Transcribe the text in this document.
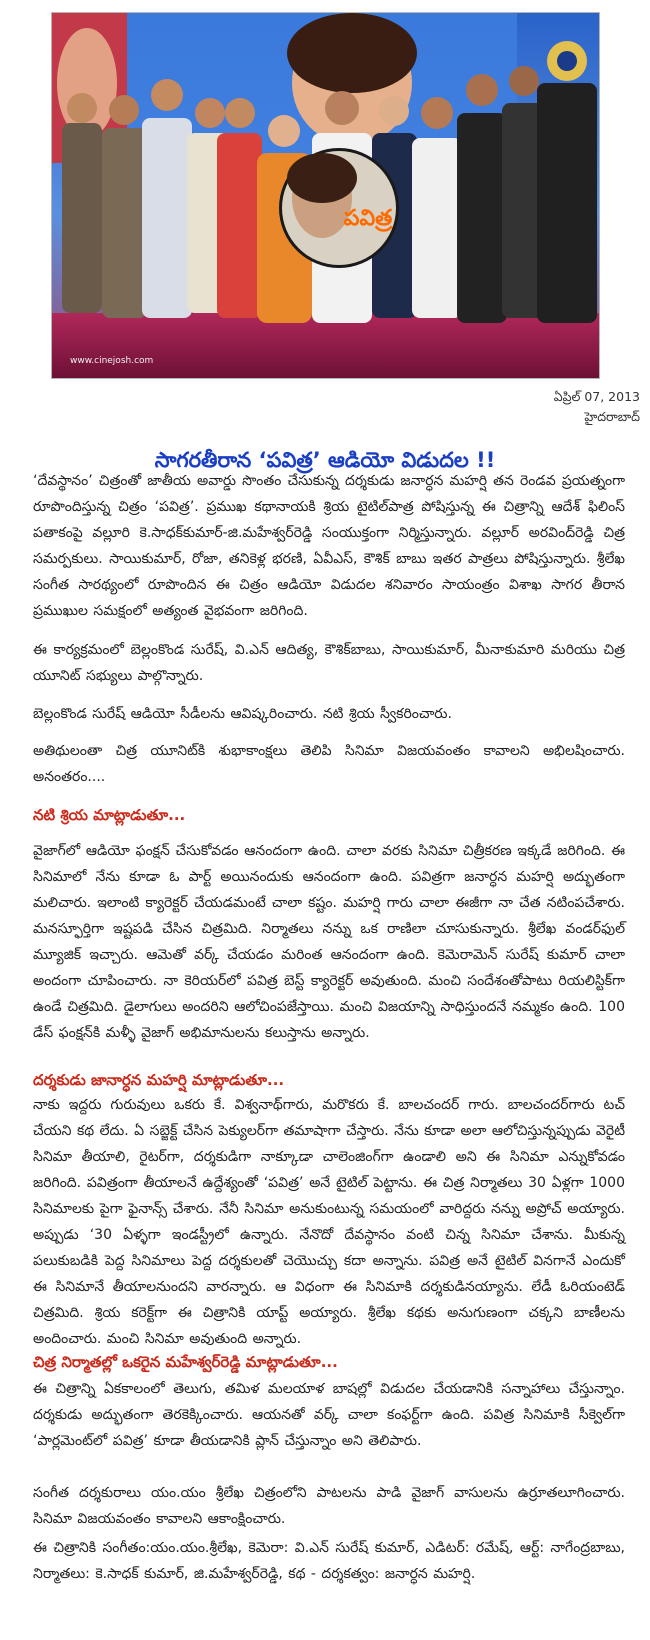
పవిత్ర
www.cinejosh.com
ఏప్రిల్ 07, 2013
హైదరాబాద్
సాగరతీరాన ‘పవిత్ర’ ఆడియో విడుదల !!

‘దేవస్థానం’ చిత్రంతో జాతీయ అవార్డు సొంతం చేసుకున్న దర్శకుడు జనార్ధన మహర్షి తన రెండవ ప్రయత్నంగా రూపొందిస్తున్న చిత్రం ‘పవిత్ర’. ప్రముఖ కథానాయకి శ్రియ టైటిల్‌పాత్ర పోషిస్తున్న ఈ చిత్రాన్ని ఆదేశ్ ఫిలింస్ పతాకంపై వల్లూరి కె.సాధక్‌కుమార్-జి.మహేశ్వర్‌రెడ్డి సంయుక్తంగా నిర్మిస్తున్నారు. వల్లూర్ అరవింద్‌రెడ్డి చిత్ర సమర్పకులు. సాయికుమార్, రోజా, తనికెళ్ల భరణి, ఏవీఎస్, కౌశిక్ బాబు ఇతర పాత్రలు పోషిస్తున్నారు. శ్రీలేఖ సంగీత సారథ్యంలో రూపొందిన ఈ చిత్రం ఆడియో విడుదల శనివారం సాయంత్రం విశాఖ సాగర తీరాన ప్రముఖుల సమక్షంలో అత్యంత వైభవంగా జరిగింది.

ఈ కార్యక్రమంలో బెల్లంకొండ సురేష్, వి.ఎన్ ఆదిత్య, కౌశిక్‌బాబు, సాయికుమార్, మీనాకుమారి మరియు చిత్ర యూనిట్ సభ్యులు పాల్గొన్నారు.

బెల్లంకొండ సురేష్ ఆడియో సీడీలను ఆవిష్కరించారు. నటి శ్రియ స్వీకరించారు.

అతిథులంతా చిత్ర యూనిట్‌కి శుభాకాంక్షలు తెలిపి సినిమా విజయవంతం కావాలని అభిలషించారు. అనంతరం....

నటి శ్రియ మాట్లాడుతూ...

వైజాగ్‌లో ఆడియో ఫంక్షన్ చేసుకోవడం ఆనందంగా ఉంది. చాలా వరకు సినిమా చిత్రీకరణ ఇక్కడే జరిగింది. ఈ సినిమాలో నేను కూడా ఓ పార్ట్ అయినందుకు ఆనందంగా ఉంది. పవిత్రగా జనార్ధన మహర్షి అద్భుతంగా మలిచారు. ఇలాంటి క్యారెక్టర్ చేయడమంటే చాలా కష్టం. మహర్షి గారు చాలా ఈజీగా నా చేత నటింపచేశారు. మనస్ఫూర్తిగా ఇష్టపడి చేసిన చిత్రమిది. నిర్మాతలు నన్ను ఒక రాణిలా చూసుకున్నారు. శ్రీలేఖ వండర్‌ఫుల్ మ్యూజిక్ ఇచ్చారు. ఆమెతో వర్క్ చేయడం మరింత ఆనందంగా ఉంది. కెమెరామెన్ సురేష్ కుమార్ చాలా అందంగా చూపించారు. నా కెరియర్‌లో పవిత్ర బెస్ట్ క్యారెక్టర్ అవుతుంది. మంచి సందేశంతోపాటు రియలిస్టిక్‌గా ఉండే చిత్రమిది. డైలాగులు అందరిని ఆలోచింపజేస్తాయి. మంచి విజయాన్ని సాధిస్తుందనే నమ్మకం ఉంది. 100 డేస్ ఫంక్షన్‌కి మళ్ళీ వైజాగ్ అభిమానులను కలుస్తాను అన్నారు.

దర్శకుడు జానార్ధన మహర్షి మాట్లాడుతూ...

నాకు ఇద్దరు గురువులు ఒకరు కే. విశ్వనాథ్‌గారు, మరొకరు కే. బాలచందర్ గారు. బాలచందర్‌గారు టచ్ చేయని కథ లేదు. ఏ సబ్జెక్ట్ చేసిన పెక్యులర్‌గా తమాషాగా చేస్తారు. నేను కూడా అలా ఆలోచిస్తున్నప్పుడు వెరైటీ సినిమా తీయాలి, రైటర్‌గా, దర్శకుడిగా నాక్కూడా చాలెంజింగ్‌గా ఉండాలి అని ఈ సినిమా ఎన్నుకోవడం జరిగింది. పవిత్రంగా తీయాలనే ఉద్దేశ్యంతో ‘పవిత్ర’ అనే టైటిల్ పెట్టాను. ఈ చిత్ర నిర్మాతలు 30 ఏళ్లగా 1000 సినిమాలకు పైగా ఫైనాన్స్ చేశారు. నేనీ సినిమా అనుకుంటున్న సమయంలో వారిద్దరు నన్ను అప్రోచ్ అయ్యారు. అప్పుడు ‘30 ఏళ్ళగా ఇండస్ట్రీలో ఉన్నారు. నేనొదో దేవస్థానం వంటి చిన్న సినిమా చేశాను. మీకున్న పలుకుబడికి పెద్ద సినిమాలు పెద్ద దర్శకులతో చెయొచ్చు కదా అన్నాను. పవిత్ర అనే టైటిల్ వినగానే ఎందుకో ఈ సినిమానే తీయాలనుందని వారన్నారు. ఆ విధంగా ఈ సినిమాకి దర్శకుడినయ్యాను. లేడీ ఓరియంటెడ్ చిత్రమిది. శ్రియ కరెక్ట్‌గా ఈ చిత్రానికి యాప్ట్ అయ్యారు. శ్రీలేఖ కథకు అనుగుణంగా చక్కని బాణీలను అందించారు. మంచి సినిమా అవుతుంది అన్నారు.

చిత్ర నిర్మాతల్లో ఒకరైన మహేశ్వర్‌రెడ్డి మాట్లాడుతూ...

ఈ చిత్రాన్ని ఏకకాలంలో తెలుగు, తమిళ మలయాళ బాషల్లో విడుదల చేయడానికి సన్నాహాలు చేస్తున్నాం. దర్శకుడు అద్భుతంగా తెరకెక్కించారు. ఆయనతో వర్క్ చాలా కంఫర్ట్‌గా ఉంది. పవిత్ర సినిమాకి సీక్వెల్‌గా ‘పార్లమెంట్‌లో పవిత్ర’ కూడా తీయడానికి ప్లాన్ చేస్తున్నాం అని తెలిపారు.

సంగీత దర్శకురాలు యం.యం శ్రీలేఖ చిత్రంలోని పాటలను పాడి వైజాగ్ వాసులను ఉర్రూతలూగించారు. సినిమా విజయవంతం కావాలని ఆకాంక్షించారు.

ఈ చిత్రానికి సంగీతం:యం.యం.శ్రీలేఖ, కెమెరా: వి.ఎన్ సురేష్ కుమార్, ఎడిటర్: రమేష్, ఆర్ట్: నాగేంద్రబాబు, నిర్మాతలు: కె.సాధక్ కుమార్, జి.మహేశ్వర్‌రెడ్డి, కథ - దర్శకత్వం: జనార్ధన మహర్షి.
